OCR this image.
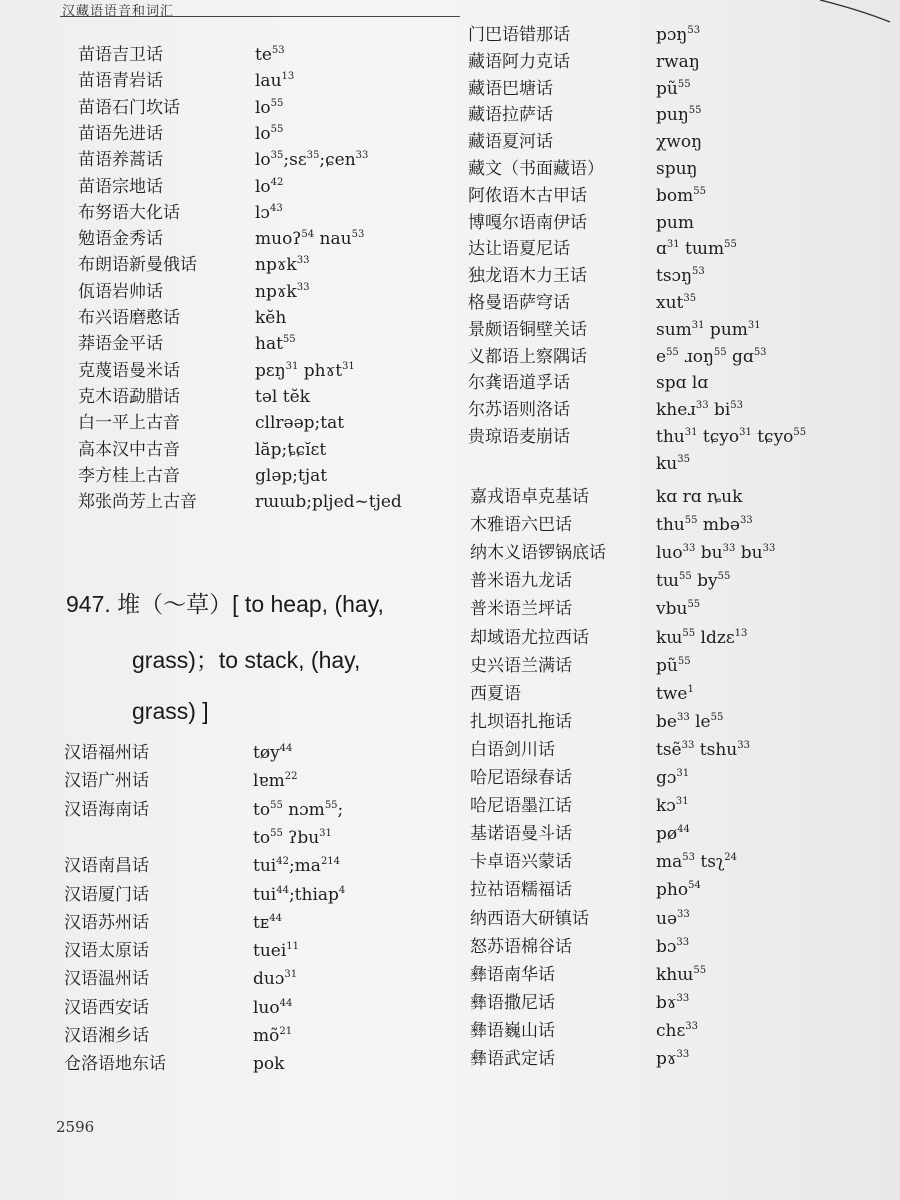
汉藏语语音和词汇
苗语吉卫话	$te^{53}$
苗语青岩话	lau$^{13}$
苗语石门坎话	$lo^{55}$
苗语先进话	$lo^{55}$
苗语养蒿话	$lo^{35};sɛ^{35};ɕen^{33}$
苗语宗地话	$lo^{42}$
布努语大化话	lɔ$^{43}$
勉语金秀话	muoʔ$^{54}$ nau$^{53}$
布朗语新曼俄话	npɤk$^{33}$
佤语岩帅话	npɤk$^{33}$
布兴语磨憨话	kĕh
莽语金平话	hat$^{55}$
克蔑语曼米话	pɛŋ$^{31}$ phɤt$^{31}$
克木语勐腊话	təl tĕk
白一平上古音	cllrəəp;tat
高本汉中古音	lăp;ȶɕĭɛt
李方桂上古音	gləp;tjat
郑张尚芳上古音	rɯɯb;pljed~tjed
947. 堆（～草）[ to heap, (hay,
grass)；to stack, (hay,
grass) ]
汉语福州话	tøy$^{44}$
汉语广州话	lɐm$^{22}$
汉语海南话	$to^{55}$ nɔm$^{55}$;
$to^{55}$ ʔbu$^{31}$
汉语南昌话	$tui^{42};ma^{214}$
汉语厦门话	tui$^{44}$;thiap$^4$
汉语苏州话	tᴇ$^{44}$
汉语太原话	tuei$^{11}$
汉语温州话	duɔ$^{31}$
汉语西安话	luo$^{44}$
汉语湘乡话	$mõ^{21}$
仓洛语地东话	pok
门巴语错那话	pɔŋ$^{53}$
藏语阿力克话	rwaŋ
藏语巴塘话	$pũ^{55}$
藏语拉萨话	puŋ$^{55}$
藏语夏河话	χwoŋ
藏文（书面藏语）	spuŋ
阿侬语木古甲话	bom$^{55}$
博嘎尔语南伊话	pum
达让语夏尼话	ɑ$^{31}$ tɯm$^{55}$
独龙语木力王话	tsɔŋ$^{53}$
格曼语萨穹话	xut$^{35}$
景颇语铜壁关话	sum$^{31}$ pum$^{31}$
义都语上察隅话	$e^{55}$ ɹoŋ$^{55}$ gɑ$^{53}$
尔龚语道孚话	spɑ lɑ
尔苏语则洛话	kheɹ$^{33}$ $bi^{53}$
贵琼语麦崩话	thu$^{31}$ tɕyo$^{31}$ tɕyo$^{55}$
$ku^{35}$
嘉戎语卓克基话	kɑ rɑ ȵuk
木雅语六巴话	thu$^{55}$ mbə$^{33}$
纳木义语锣锅底话	luo$^{33}$ $bu^{33}$ $bu^{33}$
普米语九龙话	tɯ$^{55}$ $by^{55}$
普米语兰坪话	vbu$^{55}$
却域语尤拉西话	kɯ$^{55}$ ldzɛ$^{13}$
史兴语兰满话	$pũ^{55}$
西夏语	twe$^1$
扎坝语扎拖话	$be^{33}$ $le^{55}$
白语剑川话	tsẽ$^{33}$ tshu$^{33}$
哈尼语绿春话	gɔ$^{31}$
哈尼语墨江话	kɔ$^{31}$
基诺语曼斗话	$pø^{44}$
卡卓语兴蒙话	$ma^{53}$ tsʅ$^{24}$
拉祜语糯福话	pho$^{54}$
纳西语大研镇话	uə$^{33}$
怒苏语棉谷话	bɔ$^{33}$
彝语南华话	khɯ$^{55}$
彝语撒尼话	bɤ$^{33}$
彝语巍山话	chɛ$^{33}$
彝语武定话	pɤ$^{33}$
2596
